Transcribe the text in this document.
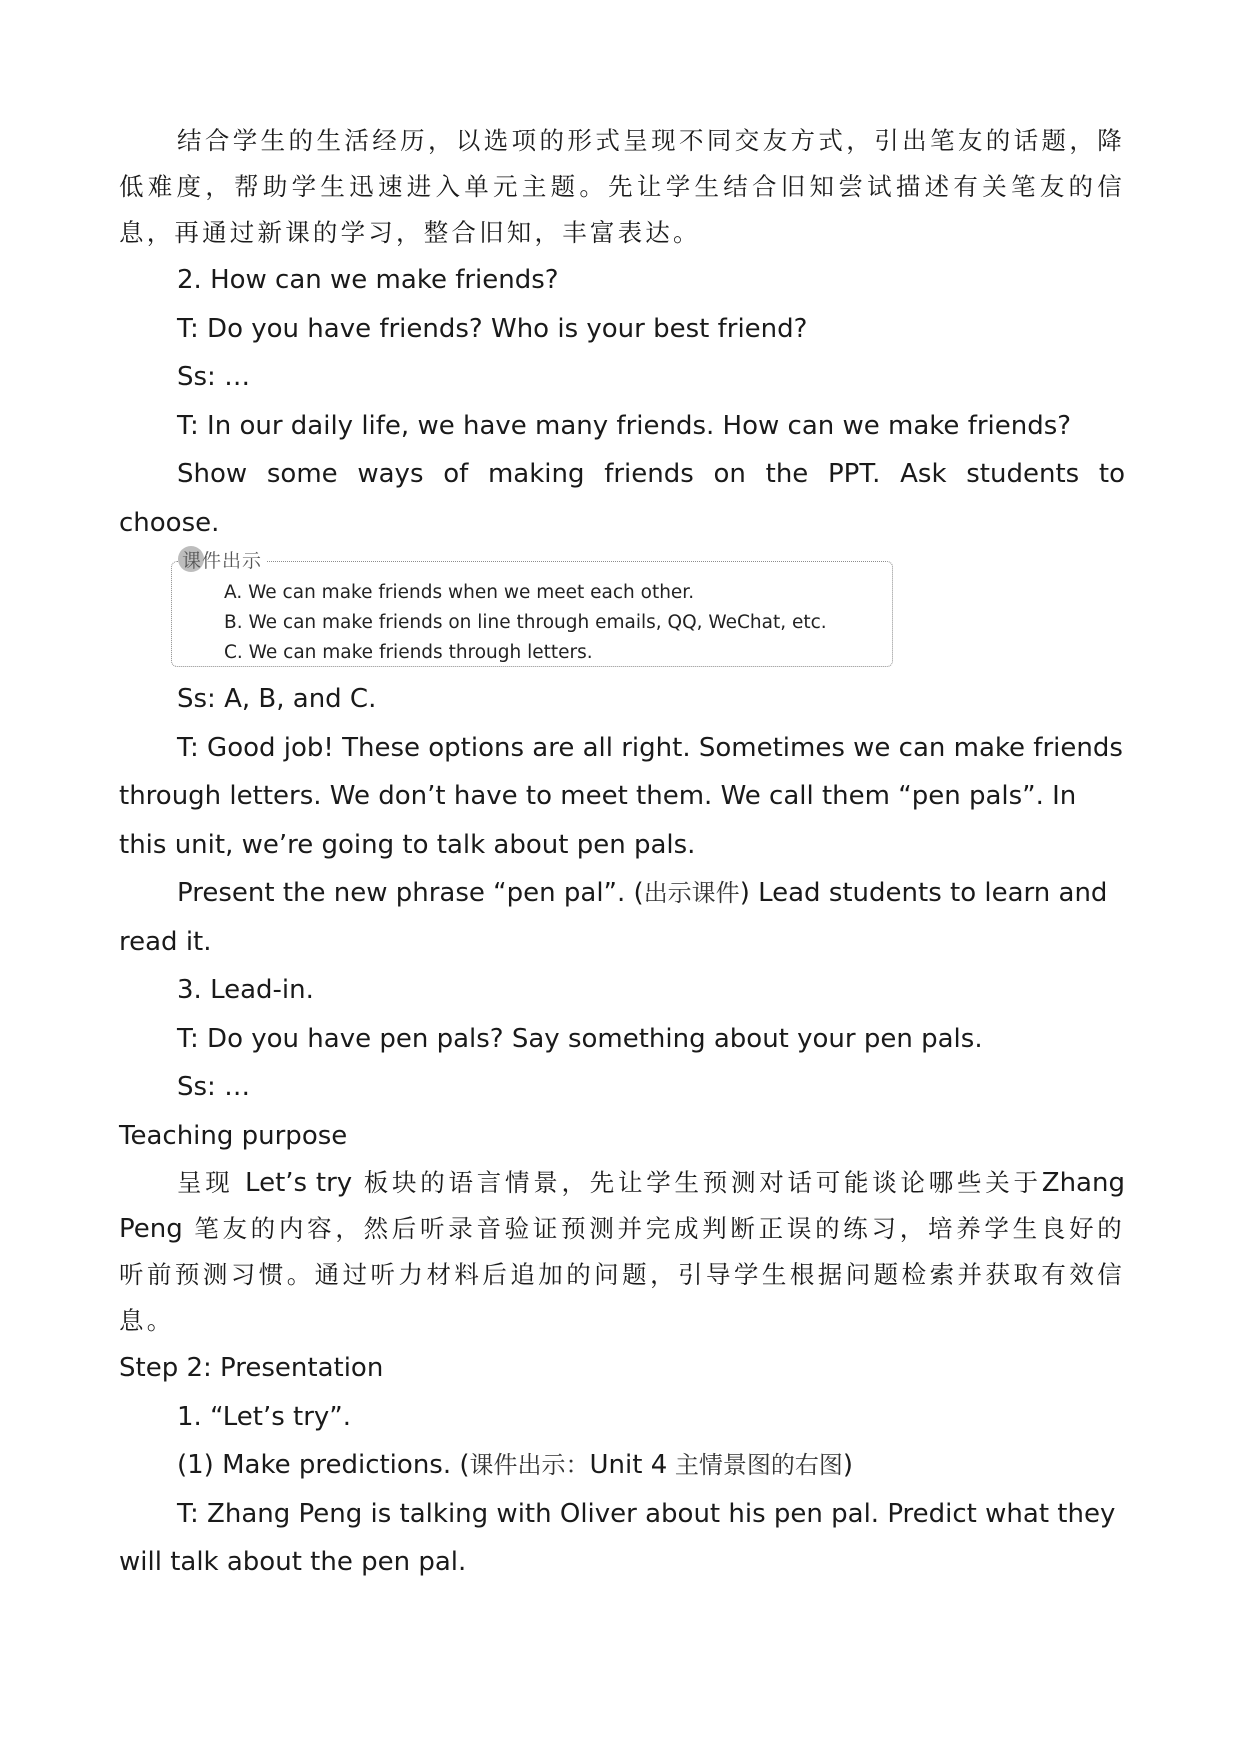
结合学生的生活经历，以选项的形式呈现不同交友方式，引出笔友的话题，降低难度，帮助学生迅速进入单元主题。先让学生结合旧知尝试描述有关笔友的信息，再通过新课的学习，整合旧知，丰富表达。

2. How can we make friends?

T: Do you have friends? Who is your best friend?

Ss: …

T: In our daily life, we have many friends. How can we make friends?

Show some ways of making friends on the PPT. Ask students to choose.

课件出示

A. We can make friends when we meet each other.

B. We can make friends on line through emails, QQ, WeChat, etc.

C. We can make friends through letters.

Ss: A, B, and C.

T: Good job! These options are all right. Sometimes we can make friends through letters. We don’t have to meet them. We call them “pen pals”. In this unit, we’re going to talk about pen pals.

Present the new phrase “pen pal”. (出示课件) Lead students to learn and read it.

3. Lead-in.

T: Do you have pen pals? Say something about your pen pals.

Ss: …

Teaching purpose

呈现 Let’s try 板块的语言情景，先让学生预测对话可能谈论哪些关于Zhang Peng 笔友的内容，然后听录音验证预测并完成判断正误的练习，培养学生良好的听前预测习惯。通过听力材料后追加的问题，引导学生根据问题检索并获取有效信息。

Step 2: Presentation

1. “Let’s try”.

(1) Make predictions. (课件出示：Unit 4 主情景图的右图)

T: Zhang Peng is talking with Oliver about his pen pal. Predict what they will talk about the pen pal.
